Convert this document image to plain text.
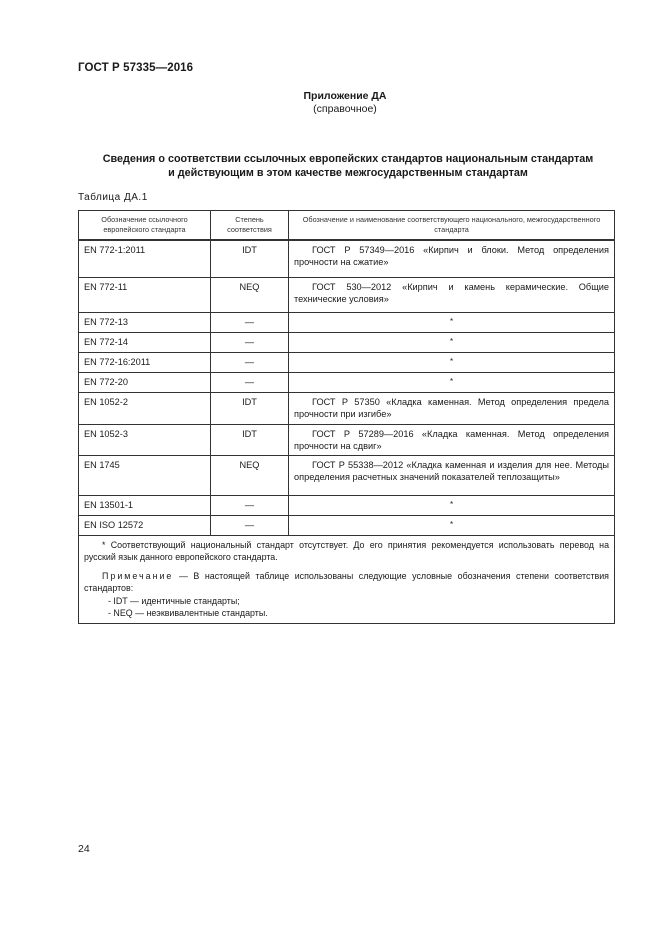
ГОСТ Р 57335—2016
Приложение ДА
(справочное)
Сведения о соответствии ссылочных европейских стандартов национальным стандартам
и действующим в этом качестве межгосударственным стандартам
Таблица ДА.1
Обозначение ссылочного европейского стандарта	Степень соответствия	Обозначение и наименование соответствующего национального, межгосударственного стандарта
EN 772-1:2011	IDT	ГОСТ Р 57349—2016 «Кирпич и блоки. Метод определения прочности на сжатие»
EN 772-11	NEQ	ГОСТ 530—2012 «Кирпич и камень керамические. Общие технические условия»
EN 772-13	—	*
EN 772-14	—	*
EN 772-16:2011	—	*
EN 772-20	—	*
EN 1052-2	IDT	ГОСТ Р 57350 «Кладка каменная. Метод определения предела прочности при изгибе»
EN 1052-3	IDT	ГОСТ Р 57289—2016 «Кладка каменная. Метод определения прочности на сдвиг»
EN 1745	NEQ	ГОСТ Р 55338—2012 «Кладка каменная и изделия для нее. Методы определения расчетных значений показателей теплозащиты»
EN 13501-1	—	*
EN ISO 12572	—	*

* Соответствующий национальный стандарт отсутствует. До его принятия рекомендуется использовать перевод на русский язык данного европейского стандарта.

Примечание — В настоящей таблице использованы следующие условные обозначения степени соответствия стандартов:

- IDT — идентичные стандарты;

- NEQ — неэквивалентные стандарты.		

24
